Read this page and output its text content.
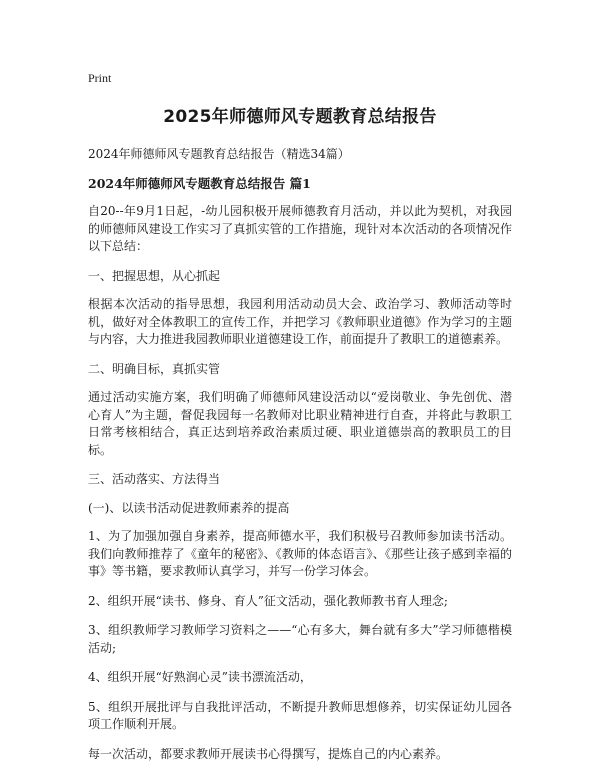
Print
2025年师德师风专题教育总结报告
2024年师德师风专题教育总结报告（精选34篇）
2024年师德师风专题教育总结报告 篇1

自20--年9月1日起，-幼儿园积极开展师德教育月活动，并以此为契机，对我园的师德师风建设工作实习了真抓实管的工作措施，现针对本次活动的各项情况作以下总结：

一、把握思想，从心抓起

根据本次活动的指导思想，我园利用活动动员大会、政治学习、教师活动等时机，做好对全体教职工的宣传工作，并把学习《教师职业道德》作为学习的主题与内容，大力推进我园教师职业道德建设工作，前面提升了教职工的道德素养。

二、明确目标，真抓实管

通过活动实施方案，我们明确了师德师风建设活动以“爱岗敬业、争先创优、潜心育人”为主题，督促我园每一名教师对比职业精神进行自查，并将此与教职工日常考核相结合，真正达到培养政治素质过硬、职业道德崇高的教职员工的目标。

三、活动落实、方法得当

(一)、以读书活动促进教师素养的提高

1、为了加强加强自身素养，提高师德水平，我们积极号召教师参加读书活动。我们向教师推荐了《童年的秘密》、《教师的体态语言》、《那些让孩子感到幸福的事》等书籍，要求教师认真学习，并写一份学习体会。

2、组织开展“读书、修身、育人”征文活动，强化教师教书育人理念;

3、组织教师学习教师学习资料之——“心有多大，舞台就有多大”学习师德楷模活动;

4、组织开展“好熟润心灵”读书漂流活动，

5、组织开展批评与自我批评活动，不断提升教师思想修养，切实保证幼儿园各项工作顺利开展。

每一次活动，都要求教师开展读书心得撰写，提炼自己的内心素养。
